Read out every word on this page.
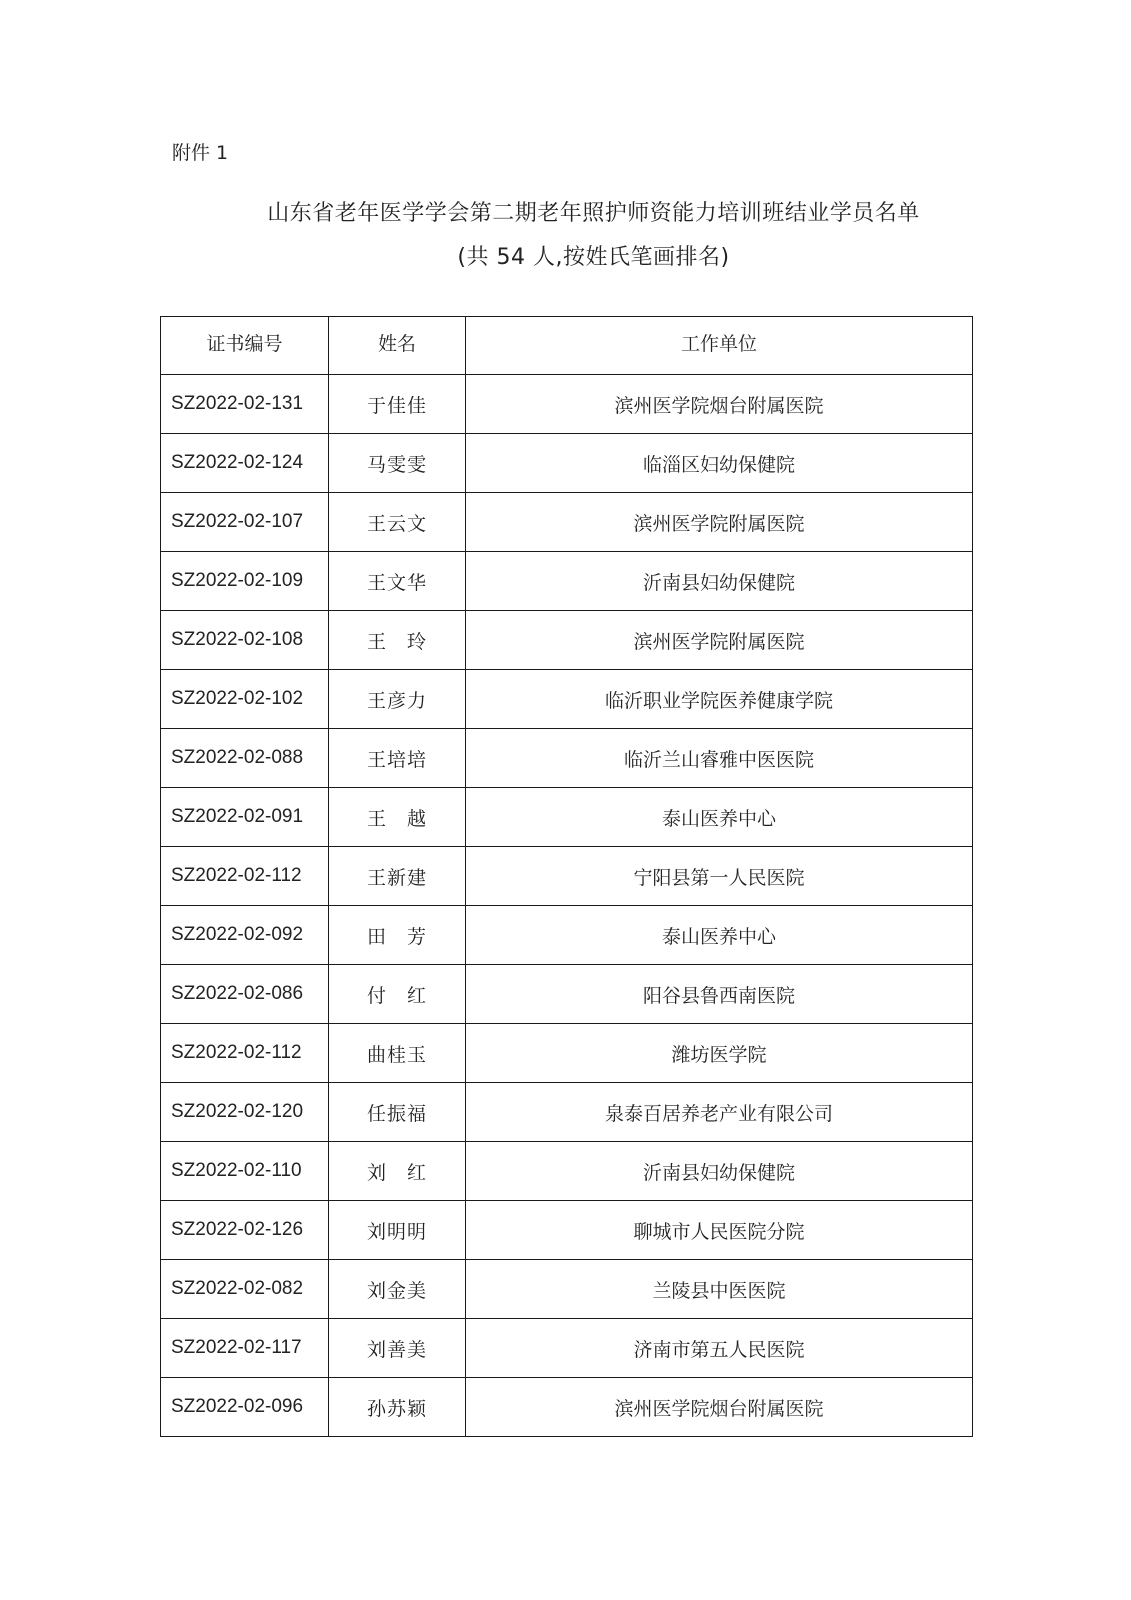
附件 1
山东省老年医学学会第二期老年照护师资能力培训班结业学员名单
(共 54 人,按姓氏笔画排名)
证书编号	姓名	工作单位
SZ2022-02-131	于佳佳	滨州医学院烟台附属医院
SZ2022-02-124	马雯雯	临淄区妇幼保健院
SZ2022-02-107	王云文	滨州医学院附属医院
SZ2022-02-109	王文华	沂南县妇幼保健院
SZ2022-02-108	王　玲	滨州医学院附属医院
SZ2022-02-102	王彦力	临沂职业学院医养健康学院
SZ2022-02-088	王培培	临沂兰山睿雅中医医院
SZ2022-02-091	王　越	泰山医养中心
SZ2022-02-112	王新建	宁阳县第一人民医院
SZ2022-02-092	田　芳	泰山医养中心
SZ2022-02-086	付　红	阳谷县鲁西南医院
SZ2022-02-112	曲桂玉	潍坊医学院
SZ2022-02-120	任振福	泉泰百居养老产业有限公司
SZ2022-02-110	刘　红	沂南县妇幼保健院
SZ2022-02-126	刘明明	聊城市人民医院分院
SZ2022-02-082	刘金美	兰陵县中医医院
SZ2022-02-117	刘善美	济南市第五人民医院
SZ2022-02-096	孙苏颖	滨州医学院烟台附属医院
